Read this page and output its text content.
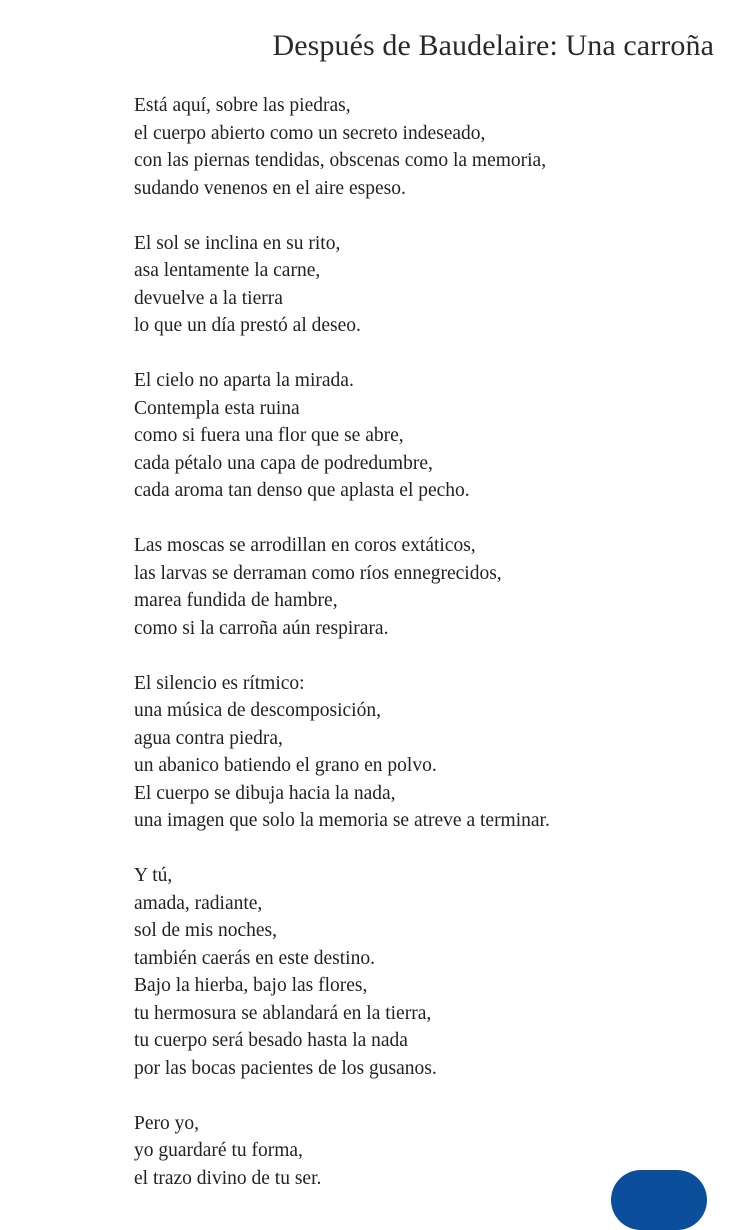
Después de Baudelaire: Una carroña
Está aquí, sobre las piedras,
el cuerpo abierto como un secreto indeseado,
con las piernas tendidas, obscenas como la memoria,
sudando venenos en el aire espeso.
El sol se inclina en su rito,
asa lentamente la carne,
devuelve a la tierra
lo que un día prestó al deseo.
El cielo no aparta la mirada.
Contempla esta ruina
como si fuera una flor que se abre,
cada pétalo una capa de podredumbre,
cada aroma tan denso que aplasta el pecho.
Las moscas se arrodillan en coros extáticos,
las larvas se derraman como ríos ennegrecidos,
marea fundida de hambre,
como si la carroña aún respirara.
El silencio es rítmico:
una música de descomposición,
agua contra piedra,
un abanico batiendo el grano en polvo.
El cuerpo se dibuja hacia la nada,
una imagen que solo la memoria se atreve a terminar.
Y tú,
amada, radiante,
sol de mis noches,
también caerás en este destino.
Bajo la hierba, bajo las flores,
tu hermosura se ablandará en la tierra,
tu cuerpo será besado hasta la nada
por las bocas pacientes de los gusanos.
Pero yo,
yo guardaré tu forma,
el trazo divino de tu ser.
